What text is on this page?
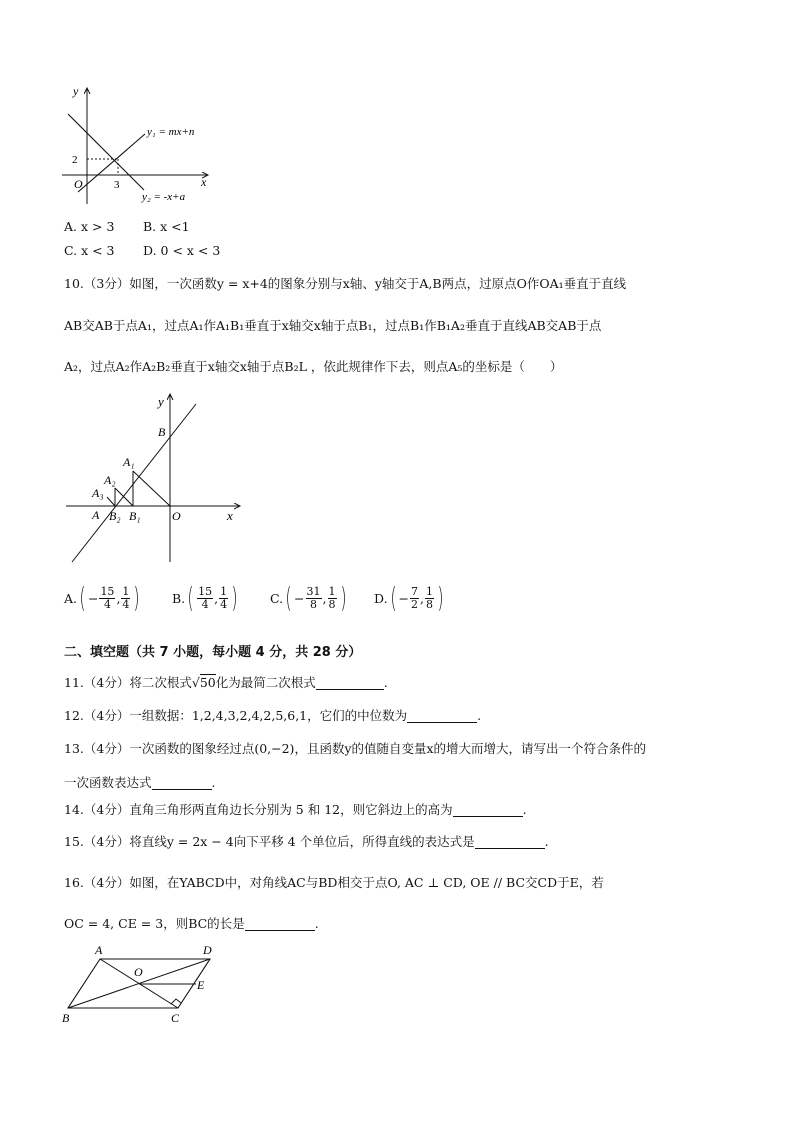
y
x
O
2
3
y₁ = mx+n
y₂ = -x+a
A. x > 3 B. x <1
C. x < 3 D. 0 < x < 3
10.（3分）如图，一次函数y = x+4的图象分别与x轴、y轴交于A,B两点，过原点O作OA₁垂直于直线
AB交AB于点A₁，过点A₁作A₁B₁垂直于x轴交x轴于点B₁，过点B₁作B₁A₂垂直于直线AB交AB于点
A₂，过点A₂作A₂B₂垂直于x轴交x轴于点B₂L ，依此规律作下去，则点A₅的坐标是（　　）
y
B
A₁
A₂
A₃
A B₂ B₁	O	x
A. ( − $\frac{15}{4}$ , $\frac{1}{4}$ )	B. ( $\frac{15}{4}$ , $\frac{1}{4}$ )	C. ( − $\frac{31}{8}$ , $\frac{1}{8}$ ) D. ( − $\frac{7}{2}$ , $\frac{1}{8}$ )
二、填空题（共 7 小题，每小题 4 分，共 28 分）
11.（4分）将二次根式√50化为最简二次根式	.
12.（4分）一组数据：1,2,4,3,2,4,2,5,6,1，它们的中位数为	.
13.（4分）一次函数的图象经过点(0,−2)，且函数y的值随自变量x的增大而增大，请写出一个符合条件的
一次函数表达式	.
14.（4分）直角三角形两直角边长分别为 5 和 12，则它斜边上的高为	.
15.（4分）将直线y = 2x − 4向下平移 4 个单位后，所得直线的表达式是	.
16.（4分）如图，在YABCD中，对角线AC与BD相交于点O, AC ⊥ CD, OE // BC交CD于E，若
OC = 4, CE = 3，则BC的长是	.
A	D
O
E
B	C
